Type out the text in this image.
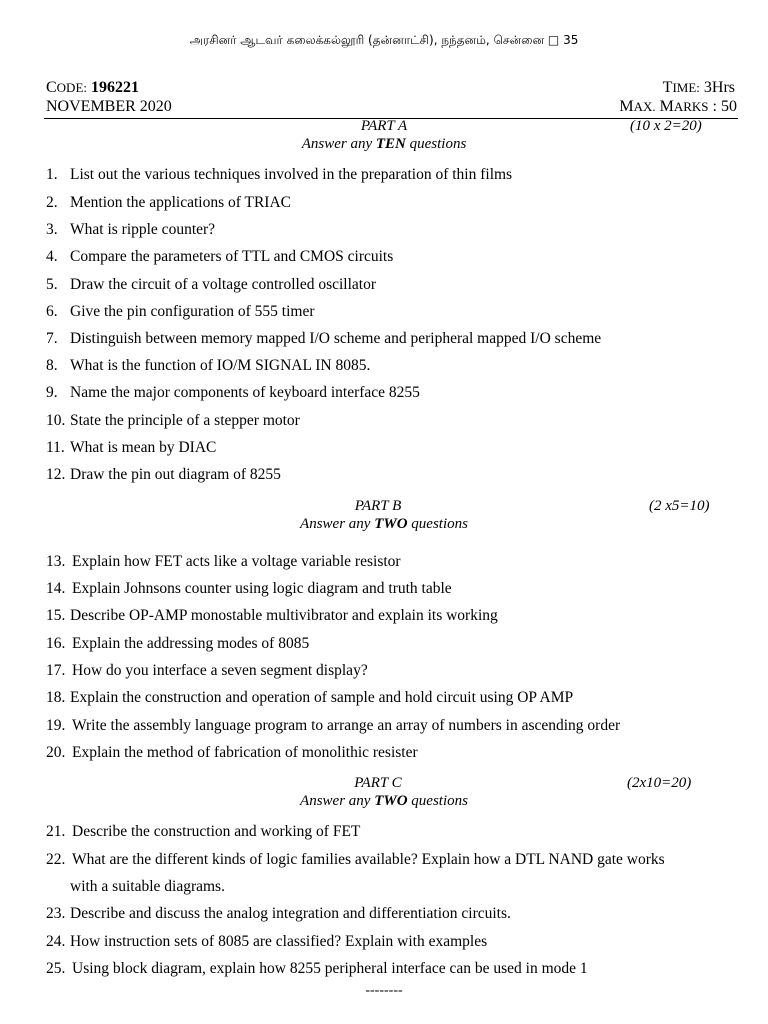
அரசினர் ஆடவர் கலைக்கல்லூரி (தன்னாட்சி), நந்தனம், சென்னை □ 35
CODE: 196221
NOVEMBER 2020
TIME: 3Hrs
MAX. MARKS : 50
PART A	(10 x 2=20)
Answer any TEN questions
1. List out the various techniques involved in the preparation of thin films
2. Mention the applications of TRIAC
3. What is ripple counter?
4. Compare the parameters of TTL and CMOS circuits
5. Draw the circuit of a voltage controlled oscillator
6. Give the pin configuration of 555 timer
7. Distinguish between memory mapped I/O scheme and peripheral mapped I/O scheme
8. What is the function of IO/M SIGNAL IN 8085.
9. Name the major components of keyboard interface 8255
10. State the principle of a stepper motor
11. What is mean by DIAC
12. Draw the pin out diagram of 8255
PART B	(2 x5=10)
Answer any TWO questions
13. Explain how FET acts like a voltage variable resistor
14. Explain Johnsons counter using logic diagram and truth table
15. Describe OP-AMP monostable multivibrator and explain its working
16. Explain the addressing modes of 8085
17. How do you interface a seven segment display?
18. Explain the construction and operation of sample and hold circuit using OP AMP
19. Write the assembly language program to arrange an array of numbers in ascending order
20. Explain the method of fabrication of monolithic resister
PART C	(2x10=20)
Answer any TWO questions
21. Describe the construction and working of FET
22. What are the different kinds of logic families available? Explain how a DTL NAND gate works
with a suitable diagrams.
23. Describe and discuss the analog integration and differentiation circuits.
24. How instruction sets of 8085 are classified? Explain with examples
25. Using block diagram, explain how 8255 peripheral interface can be used in mode 1
--------
